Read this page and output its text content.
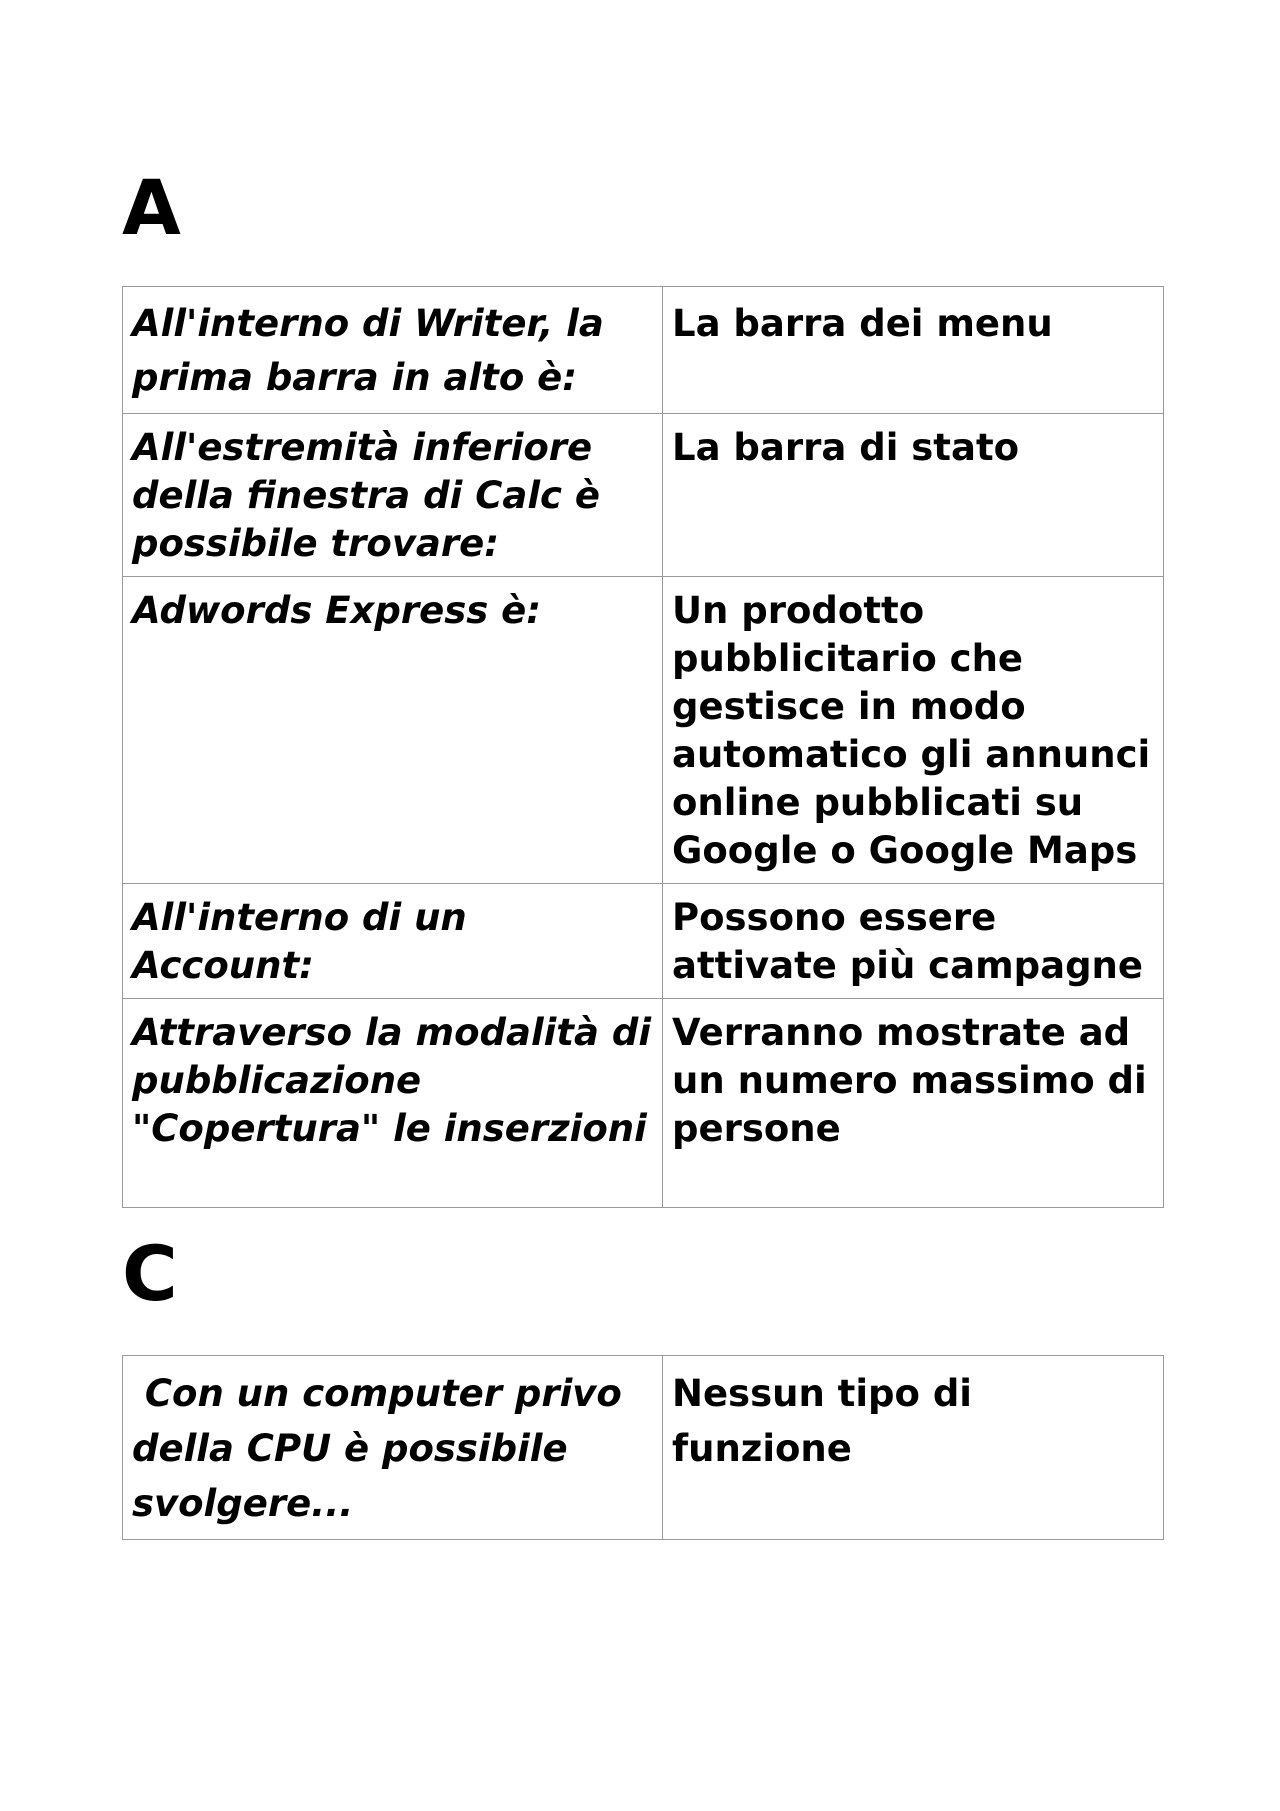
A
All'interno di Writer, la prima barra in alto è:	La barra dei menu
All'estremità inferiore della finestra di Calc è possibile trovare:	La barra di stato
Adwords Express è:	Un prodotto pubblicitario che gestisce in modo automatico gli annunci online pubblicati su Google o Google Maps
All'interno di un Account:	Possono essere attivate più campagne
Attraverso la modalità di pubblicazione "Copertura" le inserzioni	Verranno mostrate ad un numero massimo di persone
C
Con un computer privo della CPU è possibile svolgere...	Nessun tipo di funzione
